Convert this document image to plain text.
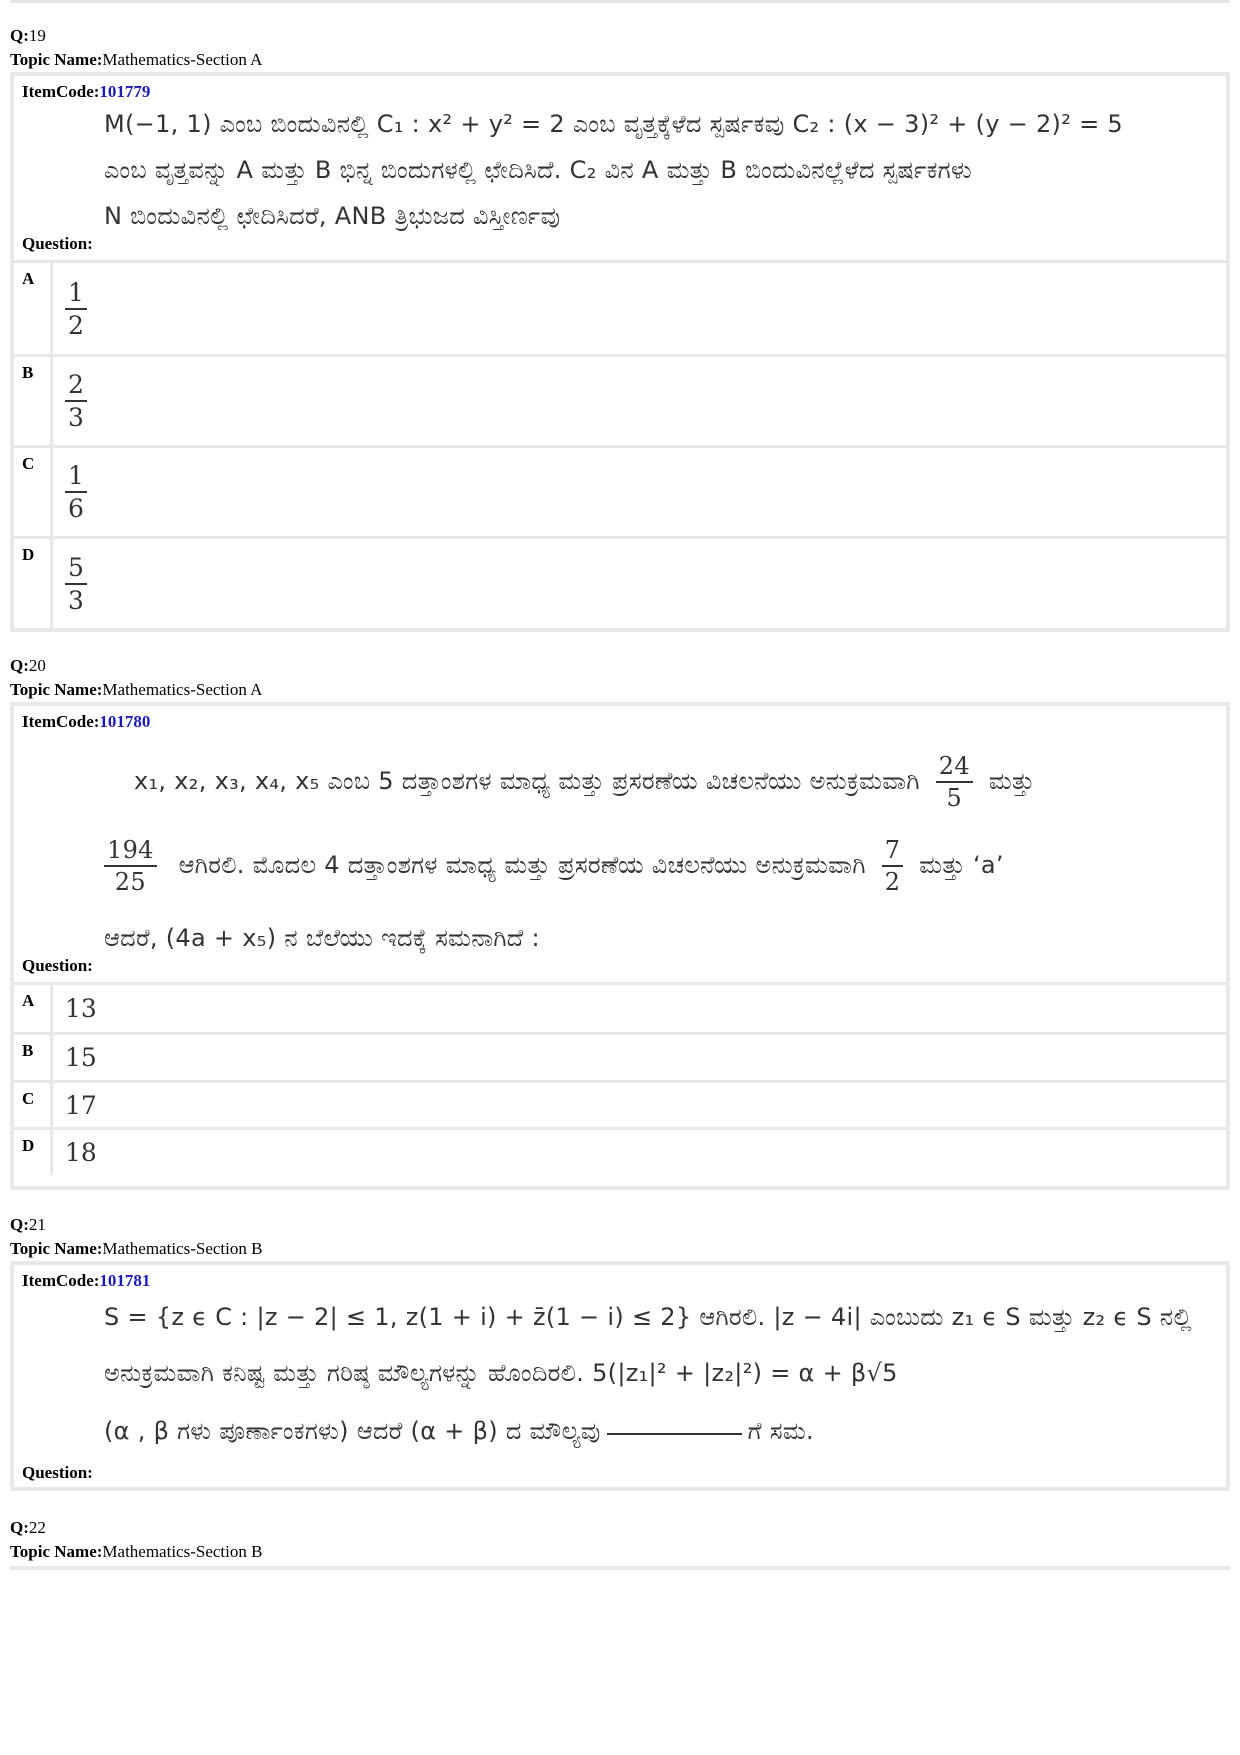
Q:19
Topic Name:Mathematics-Section A
ItemCode:101779
M(−1, 1) ಎಂಬ ಬಿಂದುವಿನಲ್ಲಿ C₁ : x² + y² = 2 ಎಂಬ ವೃತ್ತಕ್ಕೆಳೆದ ಸ್ಪರ್ಷಕವು C₂ : (x − 3)² + (y − 2)² = 5
ಎಂಬ ವೃತ್ತವನ್ನು A ಮತ್ತು B ಭಿನ್ನ ಬಿಂದುಗಳಲ್ಲಿ ಛೇದಿಸಿದೆ. C₂ ವಿನ A ಮತ್ತು B ಬಿಂದುವಿನಲ್ಲೆಳೆದ ಸ್ಪರ್ಷಕಗಳು
N ಬಿಂದುವಿನಲ್ಲಿ ಛೇದಿಸಿದರೆ, ANB ತ್ರಿಭುಜದ ವಿಸ್ತೀರ್ಣವು
Question:
A
$\frac{1}{2}$
B	$\frac{2}{3}$
C	$\frac{1}{6}$
D
$\frac{5}{3}$
Q:20
Topic Name:Mathematics-Section A
ItemCode:101780
x₁, x₂, x₃, x₄, x₅ ಎಂಬ 5 ದತ್ತಾಂಶಗಳ ಮಾಧ್ಯ ಮತ್ತು ಪ್ರಸರಣೆಯ ವಿಚಲನೆಯು ಅನುಕ್ರಮವಾಗಿ $\frac{24}{5}$ ಮತ್ತು
$\frac{194}{25}$ ಆಗಿರಲಿ. ಮೊದಲ 4 ದತ್ತಾಂಶಗಳ ಮಾಧ್ಯ ಮತ್ತು ಪ್ರಸರಣೆಯ ವಿಚಲನೆಯು ಅನುಕ್ರಮವಾಗಿ $\frac{7}{2}$ ಮತ್ತು ‘a’
ಆದರೆ, (4a + x₅) ನ ಬೆಲೆಯು ಇದಕ್ಕೆ ಸಮನಾಗಿದೆ :
Question:
A	13
B	15
C	17
D	18
Q:21
Topic Name:Mathematics-Section B
ItemCode:101781
S = {z ϵ C : |z − 2| ≤ 1, z(1 + i) + z̄(1 − i) ≤ 2} ಆಗಿರಲಿ. |z − 4i| ಎಂಬುದು z₁ ϵ S ಮತ್ತು z₂ ϵ S ನಲ್ಲಿ
ಅನುಕ್ರಮವಾಗಿ ಕನಿಷ್ಟ ಮತ್ತು ಗರಿಷ್ಠ ಮೌಲ್ಯಗಳನ್ನು ಹೊಂದಿರಲಿ. 5(|z₁|² + |z₂|²) = α + β√5
(α , β ಗಳು ಪೂರ್ಣಾಂಕಗಳು) ಆದರೆ (α + β) ದ ಮೌಲ್ಯವು	ಗೆ ಸಮ.
Question:
Q:22
Topic Name:Mathematics-Section B
